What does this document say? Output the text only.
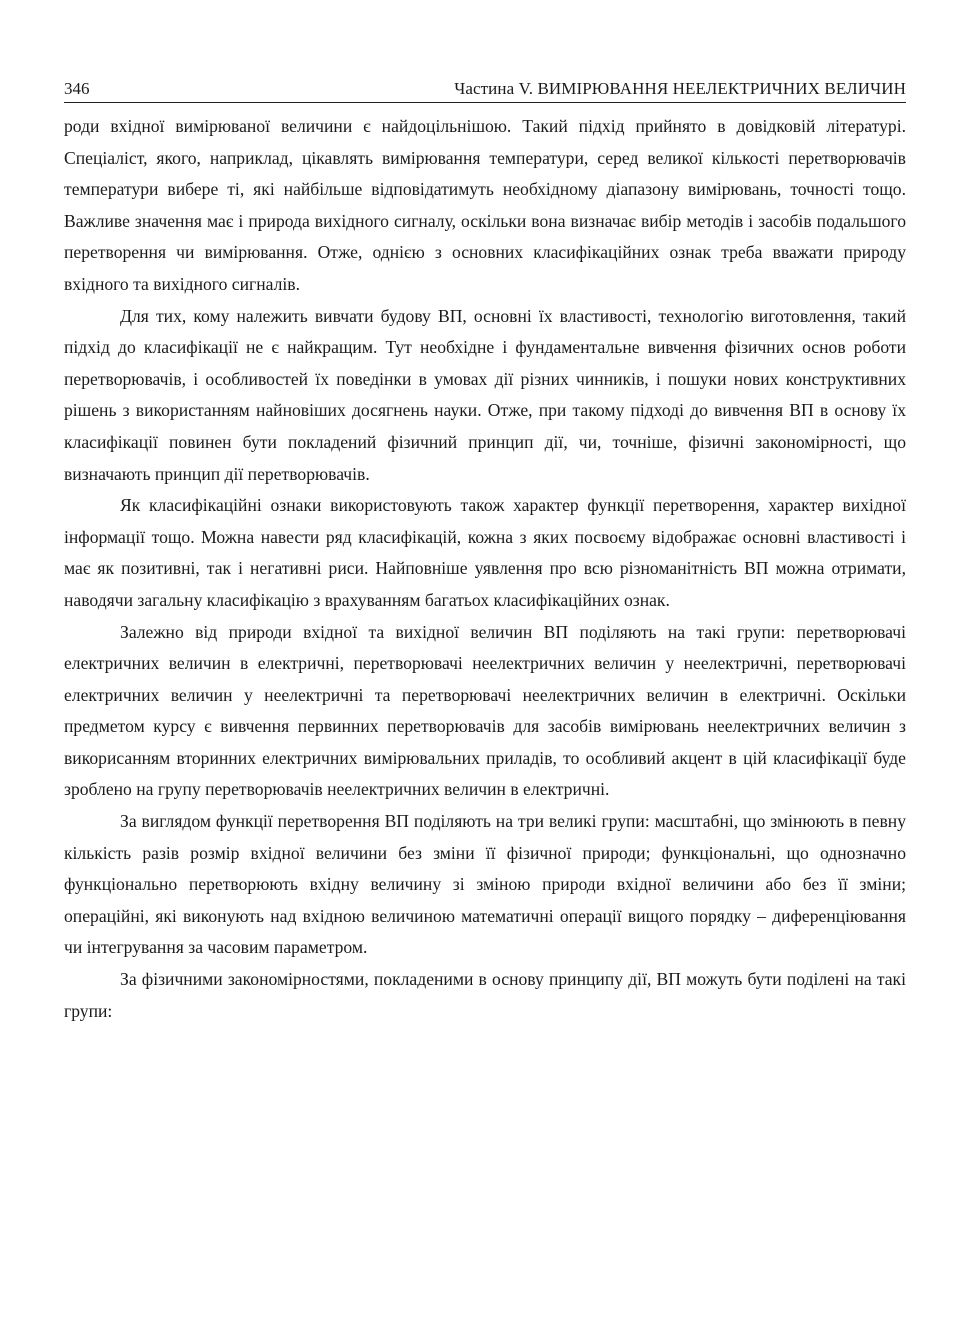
346	Частина V. ВИМІРЮВАННЯ НЕЕЛЕКТРИЧНИХ ВЕЛИЧИН

роди вхідної вимірюваної величини є найдоцільнішою. Такий підхід прийнято в довідковій літературі. Спеціаліст, якого, наприклад, цікавлять вимірювання температури, серед великої кількості перетворювачів температури вибере ті, які найбільше відповідатимуть необхідному діапазону вимірювань, точності тощо. Важливе значення має і природа вихідного сигналу, оскільки вона визначає вибір методів і засобів подальшого перетворення чи вимірювання. Отже, однією з основних класифікаційних ознак треба вважати природу вхідного та вихідного сигналів.

Для тих, кому належить вивчати будову ВП, основні їх властивості, технологію виготовлення, такий підхід до класифікації не є найкращим. Тут необхідне і фундаментальне вивчення фізичних основ роботи перетворювачів, і особливостей їх поведінки в умовах дії різних чинників, і пошуки нових конструктивних рішень з використанням найновіших досягнень науки. Отже, при такому підході до вивчення ВП в основу їх класифікації повинен бути покладений фізичний принцип дії, чи, точніше, фізичні закономірності, що визначають принцип дії перетворювачів.

Як класифікаційні ознаки використовують також характер функції перетворення, характер вихідної інформації тощо. Можна навести ряд класифікацій, кожна з яких посвоєму відображає основні властивості і має як позитивні, так і негативні риси. Найповніше уявлення про всю різноманітність ВП можна отримати, наводячи загальну класифікацію з врахуванням багатьох класифікаційних ознак.

Залежно від природи вхідної та вихідної величин ВП поділяють на такі групи: перетворювачі електричних величин в електричні, перетворювачі неелектричних величин у неелектричні, перетворювачі електричних величин у неелектричні та перетворювачі неелектричних величин в електричні. Оскільки предметом курсу є вивчення первинних перетворювачів для засобів вимірювань неелектричних величин з викорисанням вторинних електричних вимірювальних приладів, то особливий акцент в цій класифікації буде зроблено на групу перетворювачів неелектричних величин в електричні.

За виглядом функції перетворення ВП поділяють на три великі групи: масштабні, що змінюють в певну кількість разів розмір вхідної величини без зміни її фізичної природи; функціональні, що однозначно функціонально перетворюють вхідну величину зі зміною природи вхідної величини або без її зміни; операційні, які виконують над вхідною величиною математичні операції вищого порядку – диференціювання чи інтегрування за часовим параметром.

За фізичними закономірностями, покладеними в основу принципу дії, ВП можуть бути поділені на такі групи:
